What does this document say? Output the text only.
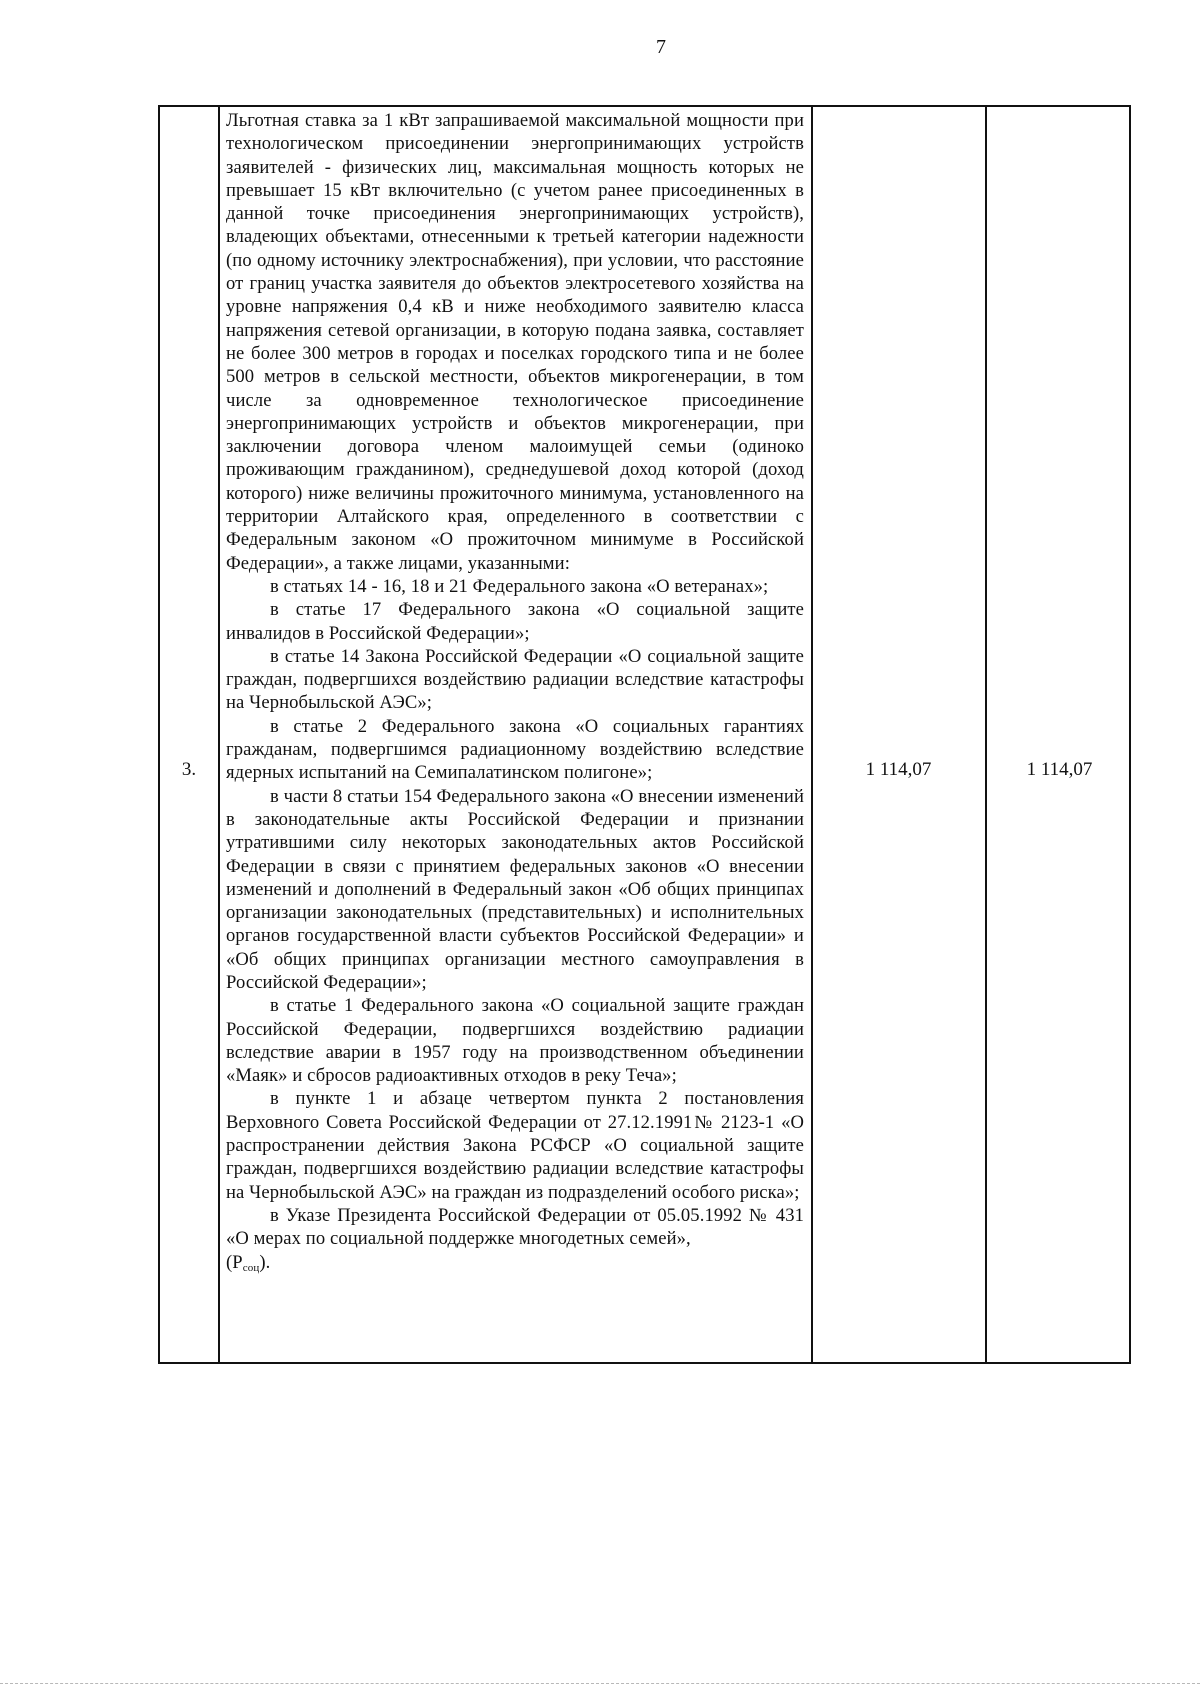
7
3.

Льготная ставка за 1 кВт запрашиваемой максимальной мощности при технологическом присоединении энергопринимающих устройств заявителей - физических лиц, максимальная мощность которых не превышает 15 кВт включительно (с учетом ранее присоединенных в данной точке присоединения энергопринимающих устройств), владеющих объектами, отнесенными к третьей категории надежности (по одному источнику электроснабжения), при условии, что расстояние от границ участка заявителя до объектов электросетевого хозяйства на уровне напряжения 0,4 кВ и ниже необходимого заявителю класса напряжения сетевой организации, в которую подана заявка, составляет не более 300 метров в городах и поселках городского типа и не более 500 метров в сельской местности, объектов микрогенерации, в том числе за одновременное технологическое присоединение энергопринимающих устройств и объектов микрогенерации, при заключении договора членом малоимущей семьи (одиноко проживающим гражданином), среднедушевой доход которой (доход которого) ниже величины прожиточного минимума, установленного на территории Алтайского края, определенного в соответствии с Федеральным законом «О прожиточном минимуме в Российской Федерации», а также лицами, указанными:

в статьях 14 - 16, 18 и 21 Федерального закона «О ветеранах»;

в статье 17 Федерального закона «О социальной защите инвалидов в Российской Федерации»;

в статье 14 Закона Российской Федерации «О социальной защите граждан, подвергшихся воздействию радиации вследствие катастрофы на Чернобыльской АЭС»;

в статье 2 Федерального закона «О социальных гарантиях гражданам, подвергшимся радиационному воздействию вследствие ядерных испытаний на Семипалатинском полигоне»;

в части 8 статьи 154 Федерального закона «О внесении изменений в законодательные акты Российской Федерации и признании утратившими силу некоторых законодательных актов Российской Федерации в связи с принятием федеральных законов «О внесении изменений и дополнений в Федеральный закон «Об общих принципах организации законодательных (представительных) и исполнительных органов государственной власти субъектов Российской Федерации» и «Об общих принципах организации местного самоуправления в Российской Федерации»;

в статье 1 Федерального закона «О социальной защите граждан Российской Федерации, подвергшихся воздействию радиации вследствие аварии в 1957 году на производственном объединении «Маяк» и сбросов радиоактивных отходов в реку Теча»;

в пункте 1 и абзаце четвертом пункта 2 постановления Верховного Совета Российской Федерации от 27.12.1991№ 2123-1 «О распространении действия Закона РСФСР «О социальной защите граждан, подвергшихся воздействию радиации вследствие катастрофы на Чернобыльской АЭС» на граждан из подразделений особого риска»;

в Указе Президента Российской Федерации от 05.05.1992 № 431 «О мерах по социальной поддержке многодетных семей»,

$(Р_{соц})$.

1 114,07	1 114,07
